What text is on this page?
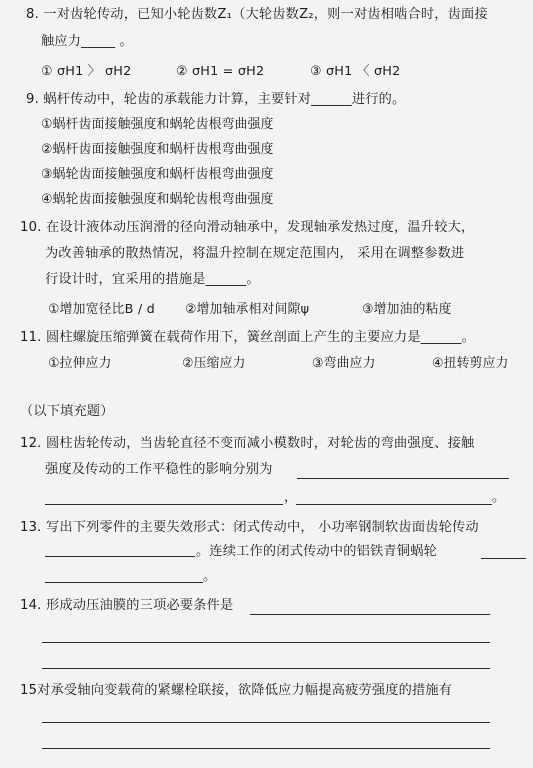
8. 一对齿轮传动，已知小轮齿数Z₁（大轮齿数Z₂，则一对齿相啮合时，齿面接
触应力_____ 。
① σH1 〉 σH2	② σH1 = σH2	③ σH1 〈 σH2
9. 蜗杆传动中，轮齿的承载能力计算，主要针对______进行的。
①蜗杆齿面接触强度和蜗轮齿根弯曲强度
②蜗杆齿面接触强度和蜗杆齿根弯曲强度
③蜗轮齿面接触强度和蜗杆齿根弯曲强度
④蜗轮齿面接触强度和蜗轮齿根弯曲强度
10. 在设计液体动压润滑的径向滑动轴承中，发现轴承发热过度，温升较大，
为改善轴承的散热情况，将温升控制在规定范围内， 采用在调整参数进
行设计时，宜采用的措施是______。
①增加宽径比B / d ②增加轴承相对间隙ψ	③增加油的粘度
11. 圆柱螺旋压缩弹簧在载荷作用下，簧丝剖面上产生的主要应力是______。
①拉伸应力	②压缩应力	③弯曲应力	④扭转剪应力
（以下填充题）
12. 圆柱齿轮传动，当齿轮直径不变而减小模数时，对轮齿的弯曲强度、接触
强度及传动的工作平稳性的影响分别为
，	。
13. 写出下列零件的主要失效形式：闭式传动中， 小功率钢制软齿面齿轮传动
。连续工作的闭式传动中的铝铁青铜蜗轮
。
14. 形成动压油膜的三项必要条件是
15对承受轴向变载荷的紧螺栓联接，欲降低应力幅提高疲劳强度的措施有
